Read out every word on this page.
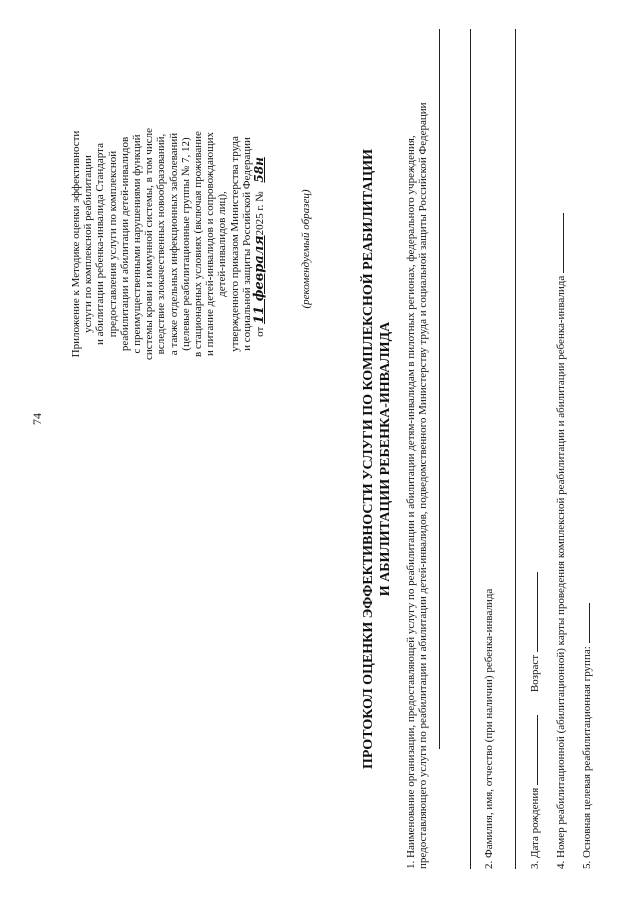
74
Приложение к Методике оценки эффективности услуги по комплексной реабилитации и абилитации ребенка-инвалида Стандарта предоставления услуги по комплексной реабилитации и абилитации детей-инвалидов с преимущественными нарушениями функций системы крови и иммунной системы, в том числе вследствие злокачественных новообразований, а также отдельных инфекционных заболеваний (целевые реабилитационные группы № 7, 12) в стационарных условиях (включая проживание и питание детей-инвалидов и сопровождающих детей-инвалидов лиц), утвержденного приказом Министерства труда и социальной защиты Российской Федерации от 11 февраля2025 г. № 58н
(рекомендуемый образец)	ПРОТОКОЛ ОЦЕНКИ ЭФФЕКТИВНОСТИ УСЛУГИ ПО КОМПЛЕКСНОЙ РЕАБИЛИТАЦИИ И АБИЛИТАЦИИ РЕБЕНКА-ИНВАЛИДА 1. Наименование организации, предоставляющей услугу по реабилитации и абилитации детям-инвалидам в пилотных регионах, федерального учреждения, предоставляющего услуги по реабилитации и абилитации детей-инвалидов, подведомственного Министерству труда и социальной защиты Российской Федерации	2. Фамилия, имя, отчество (при наличии) ребенка-инвалида	3. Дата рождения  Возраст 4. Номер реабилитационной (абилитационной) карты проведения комплексной реабилитации и абилитации ребенка-инвалида 5. Основная целевая реабилитационная группа:
